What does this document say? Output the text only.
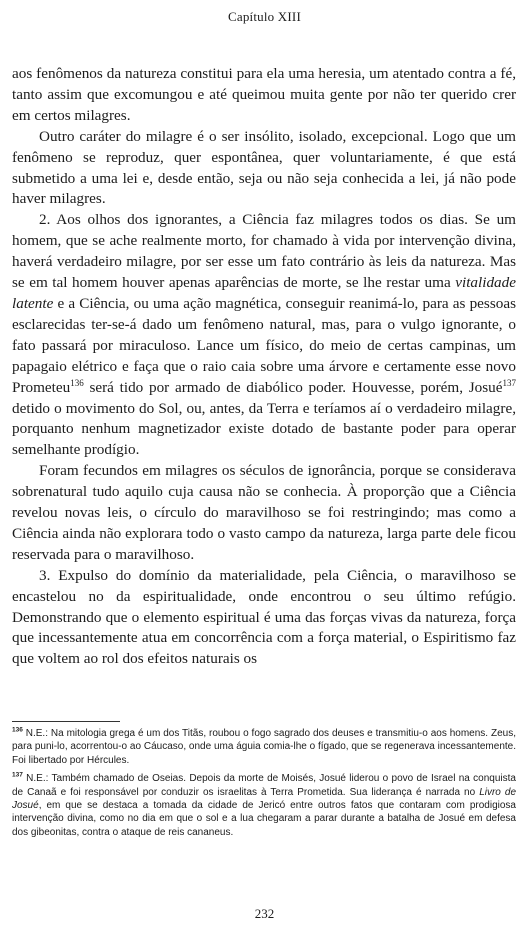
Capítulo XIII

aos fenômenos da natureza constitui para ela uma heresia, um atentado contra a fé, tanto assim que excomungou e até queimou muita gente por não ter querido crer em certos milagres.

Outro caráter do milagre é o ser insólito, isolado, excepcional. Logo que um fenômeno se reproduz, quer espontânea, quer voluntariamente, é que está submetido a uma lei e, desde então, seja ou não seja conhecida a lei, já não pode haver milagres.

2. Aos olhos dos ignorantes, a Ciência faz milagres todos os dias. Se um homem, que se ache realmente morto, for chamado à vida por intervenção divina, haverá verdadeiro milagre, por ser esse um fato contrário às leis da natureza. Mas se em tal homem houver apenas aparências de morte, se lhe restar uma vitalidade latente e a Ciência, ou uma ação magnética, conseguir reanimá-lo, para as pessoas esclarecidas ter-se-á dado um fenômeno natural, mas, para o vulgo ignorante, o fato passará por miraculoso. Lance um físico, do meio de certas campinas, um papagaio elétrico e faça que o raio caia sobre uma árvore e certamente esse novo Prometeu$^{136}$ será tido por armado de diabólico poder. Houvesse, porém, Josué$^{137}$ detido o movimento do Sol, ou, antes, da Terra e teríamos aí o verdadeiro milagre, porquanto nenhum magnetizador existe dotado de bastante poder para operar semelhante prodígio.

Foram fecundos em milagres os séculos de ignorância, porque se considerava sobrenatural tudo aquilo cuja causa não se conhecia. À proporção que a Ciência revelou novas leis, o círculo do maravilhoso se foi restringindo; mas como a Ciência ainda não explorara todo o vasto campo da natureza, larga parte dele ficou reservada para o maravilhoso.

3. Expulso do domínio da materialidade, pela Ciência, o maravilhoso se encastelou no da espiritualidade, onde encontrou o seu último refúgio. Demonstrando que o elemento espiritual é uma das forças vivas da natureza, força que incessantemente atua em concorrência com a força material, o Espiritismo faz que voltem ao rol dos efeitos naturais os

$^{136}$ N.E.: Na mitologia grega é um dos Titãs, roubou o fogo sagrado dos deuses e transmitiu-o aos homens. Zeus, para puni-lo, acorrentou-o ao Cáucaso, onde uma águia comia-lhe o fígado, que se regenerava incessantemente. Foi libertado por Hércules.

$^{137}$ N.E.: Também chamado de Oseias. Depois da morte de Moisés, Josué liderou o povo de Israel na conquista de Canaã e foi responsável por conduzir os israelitas à Terra Prometida. Sua liderança é narrada no Livro de Josué, em que se destaca a tomada da cidade de Jericó entre outros fatos que contaram com prodigiosa intervenção divina, como no dia em que o sol e a lua chegaram a parar durante a batalha de Josué em defesa dos gibeonitas, contra o ataque de reis cananeus.

232
